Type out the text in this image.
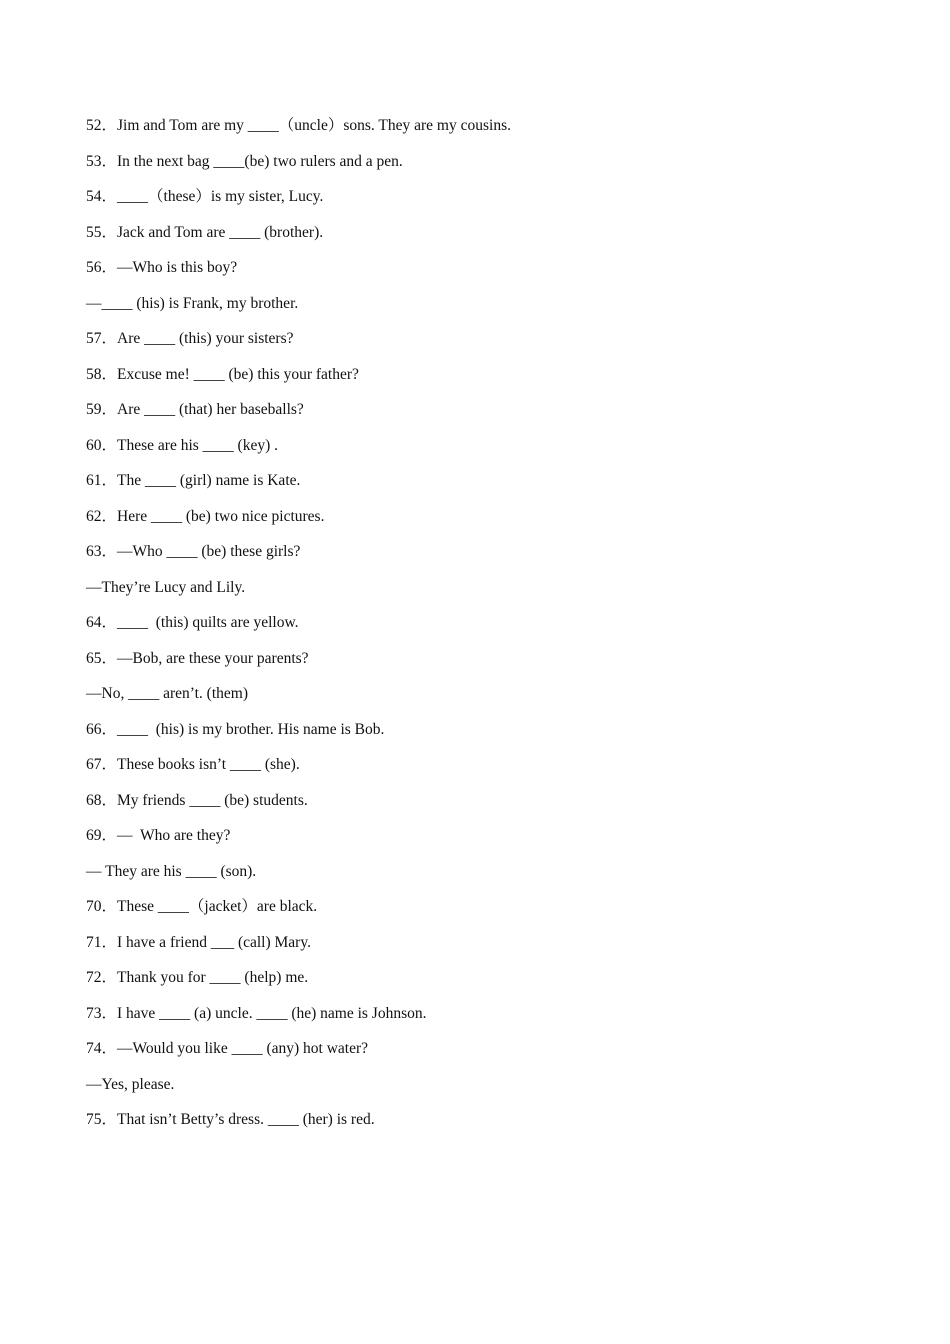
52．Jim and Tom are my ____（uncle）sons. They are my cousins.
53．In the next bag ____(be) two rulers and a pen.
54．____（these）is my sister, Lucy.
55．Jack and Tom are ____ (brother).
56．—Who is this boy?
—____ (his) is Frank, my brother.
57．Are ____ (this) your sisters?
58．Excuse me! ____ (be) this your father?
59．Are ____ (that) her baseballs?
60．These are his ____ (key) .
61．The ____ (girl) name is Kate.
62．Here ____ (be) two nice pictures.
63．—Who ____ (be) these girls?
—They’re Lucy and Lily.
64．____  (this) quilts are yellow.
65．—Bob, are these your parents?
—No, ____ aren’t. (them)
66．____  (his) is my brother. His name is Bob.
67．These books isn’t ____ (she).
68．My friends ____ (be) students.
69．—  Who are they?
— They are his ____ (son).
70．These ____（jacket）are black.
71．I have a friend ___ (call) Mary.
72．Thank you for ____ (help) me.
73．I have ____ (a) uncle. ____ (he) name is Johnson.
74．—Would you like ____ (any) hot water?
—Yes, please.
75．That isn’t Betty’s dress. ____ (her) is red.
